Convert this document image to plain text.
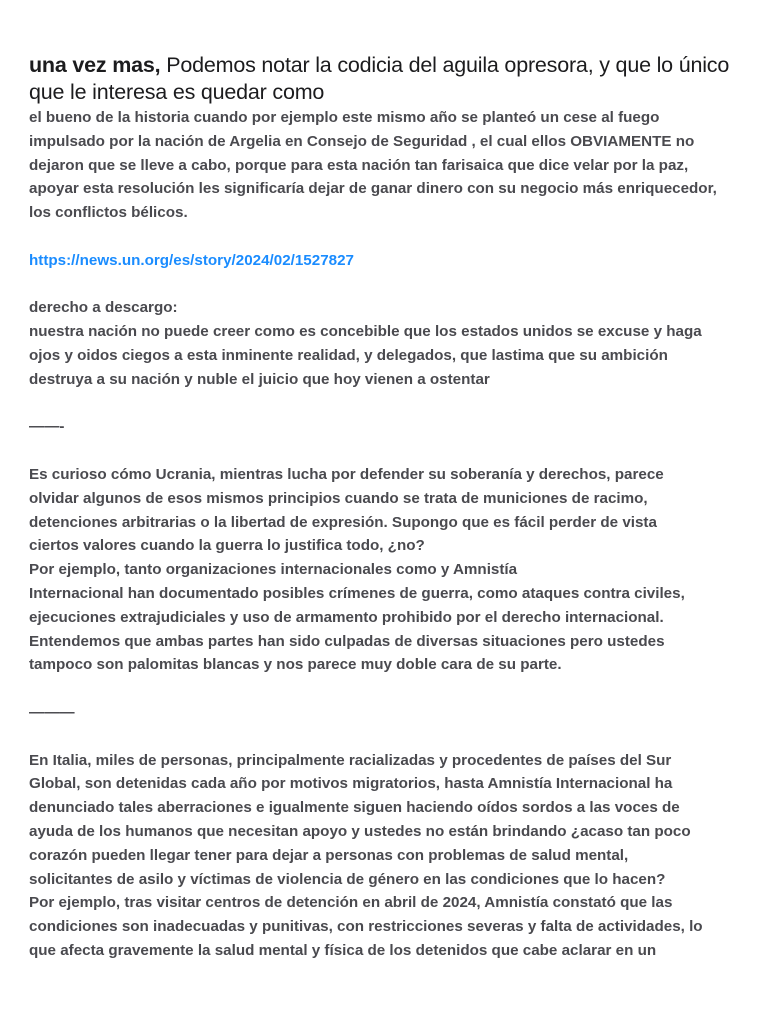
una vez mas, Podemos notar la codicia del aguila opresora, y que lo único que le interesa es quedar como
el bueno de la historia cuando por ejemplo este mismo año se planteó un cese al fuego
impulsado por la nación de Argelia en Consejo de Seguridad , el cual ellos OBVIAMENTE no
dejaron que se lleve a cabo, porque para esta nación tan farisaica que dice velar por la paz,
apoyar esta resolución les significaría dejar de ganar dinero con su negocio más enriquecedor,
los conflictos bélicos.
https://news.un.org/es/story/2024/02/1527827
derecho a descargo:
nuestra nación no puede creer como es concebible que los estados unidos se excuse y haga
ojos y oidos ciegos a esta inminente realidad, y delegados, que lastima que su ambición
destruya a su nación y nuble el juicio que hoy vienen a ostentar
——-
Es curioso cómo Ucrania, mientras lucha por defender su soberanía y derechos, parece
olvidar algunos de esos mismos principios cuando se trata de municiones de racimo,
detenciones arbitrarias o la libertad de expresión. Supongo que es fácil perder de vista
ciertos valores cuando la guerra lo justifica todo, ¿no?
Por ejemplo, tanto organizaciones internacionales como y Amnistía
Internacional han documentado posibles crímenes de guerra, como ataques contra civiles,
ejecuciones extrajudiciales y uso de armamento prohibido por el derecho internacional.
Entendemos que ambas partes han sido culpadas de diversas situaciones pero ustedes
tampoco son palomitas blancas y nos parece muy doble cara de su parte.
———
En Italia, miles de personas, principalmente racializadas y procedentes de países del Sur
Global, son detenidas cada año por motivos migratorios, hasta Amnistía Internacional ha
denunciado tales aberraciones e igualmente siguen haciendo oídos sordos a las voces de
ayuda de los humanos que necesitan apoyo y ustedes no están brindando ¿acaso tan poco
corazón pueden llegar tener para dejar a personas con problemas de salud mental,
solicitantes de asilo y víctimas de violencia de género en las condiciones que lo hacen?
Por ejemplo, tras visitar centros de detención en abril de 2024, Amnistía constató que las
condiciones son inadecuadas y punitivas, con restricciones severas y falta de actividades, lo
que afecta gravemente la salud mental y física de los detenidos que cabe aclarar en un
